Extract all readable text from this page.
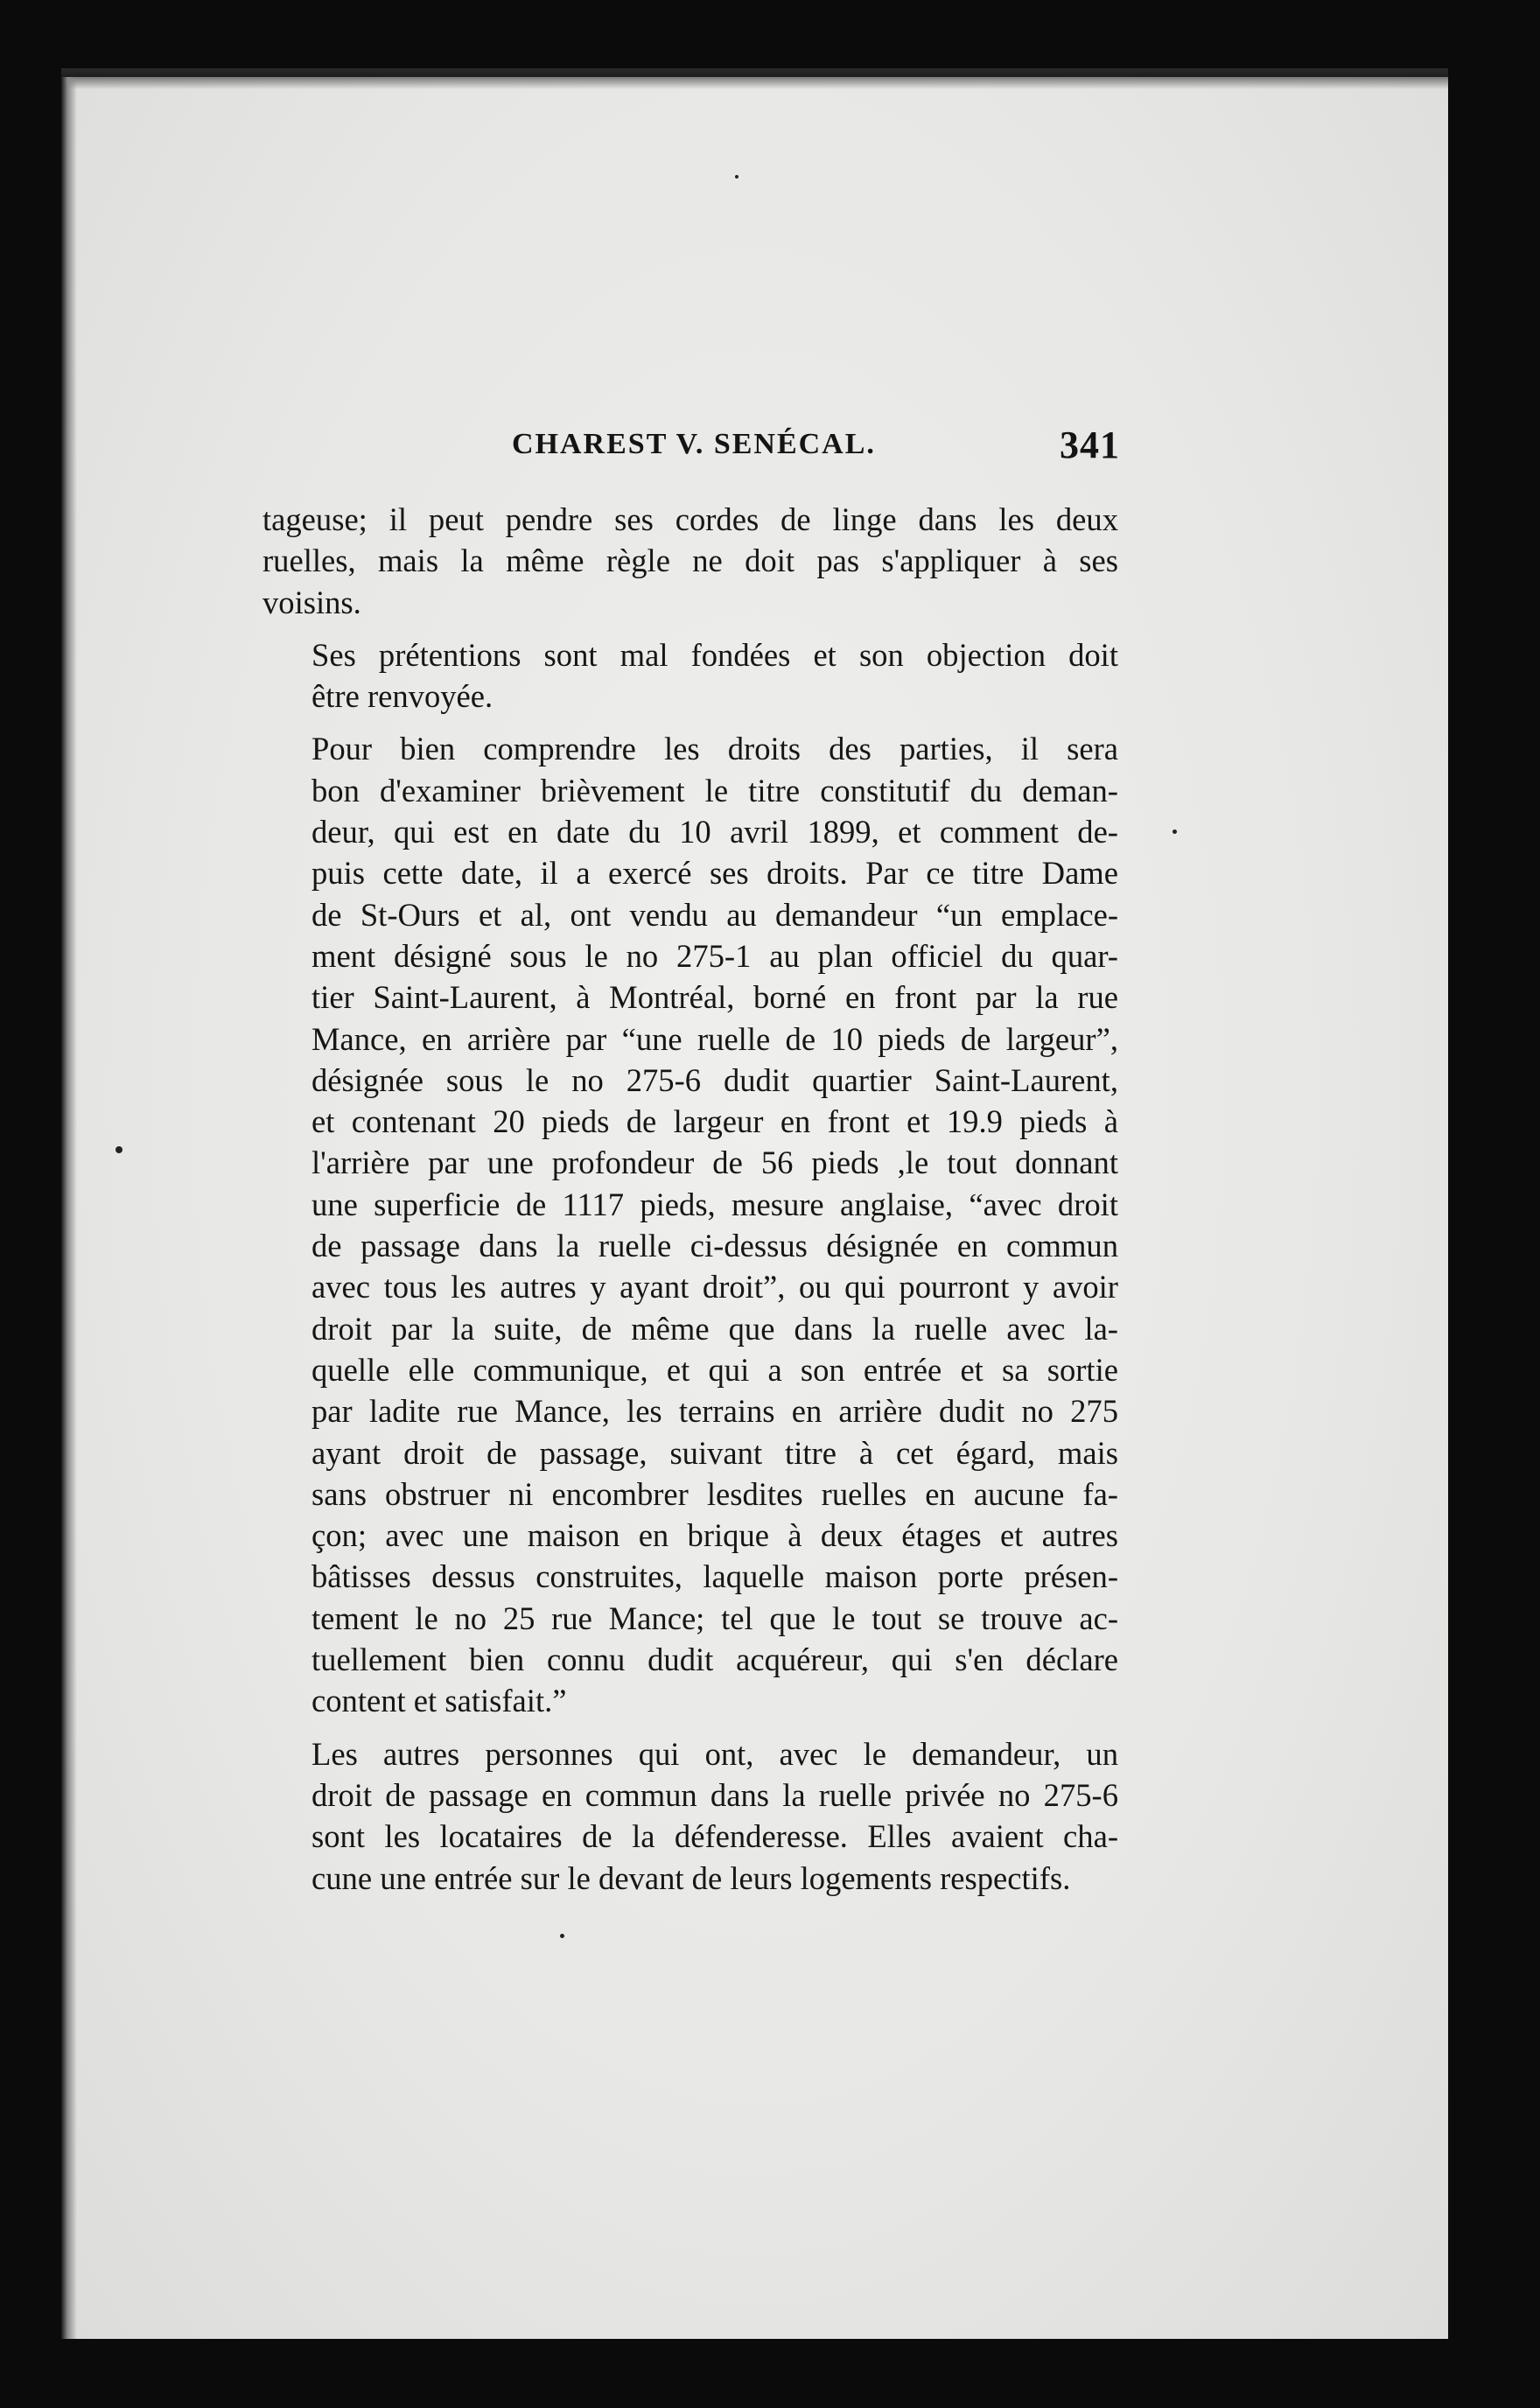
CHAREST V. SENÉCAL.	341
tageuse; il peut pendre ses cordes de linge dans les deux
ruelles, mais la même règle ne doit pas s'appliquer à ses
voisins.
Ses prétentions sont mal fondées et son objection doit
être renvoyée.
Pour bien comprendre les droits des parties, il sera
bon d'examiner brièvement le titre constitutif du deman-
deur, qui est en date du 10 avril 1899, et comment de-
puis cette date, il a exercé ses droits. Par ce titre Dame
de St-Ours et al, ont vendu au demandeur “un emplace-
ment désigné sous le no 275-1 au plan officiel du quar-
tier Saint-Laurent, à Montréal, borné en front par la rue
Mance, en arrière par “une ruelle de 10 pieds de largeur”,
désignée sous le no 275-6 dudit quartier Saint-Laurent,
et contenant 20 pieds de largeur en front et 19.9 pieds à
l'arrière par une profondeur de 56 pieds ,le tout donnant
une superficie de 1117 pieds, mesure anglaise, “avec droit
de passage dans la ruelle ci-dessus désignée en commun
avec tous les autres y ayant droit”, ou qui pourront y avoir
droit par la suite, de même que dans la ruelle avec la-
quelle elle communique, et qui a son entrée et sa sortie
par ladite rue Mance, les terrains en arrière dudit no 275
ayant droit de passage, suivant titre à cet égard, mais
sans obstruer ni encombrer lesdites ruelles en aucune fa-
çon; avec une maison en brique à deux étages et autres
bâtisses dessus construites, laquelle maison porte présen-
tement le no 25 rue Mance; tel que le tout se trouve ac-
tuellement bien connu dudit acquéreur, qui s'en déclare
content et satisfait.”
Les autres personnes qui ont, avec le demandeur, un
droit de passage en commun dans la ruelle privée no 275-6
sont les locataires de la défenderesse. Elles avaient cha-
cune une entrée sur le devant de leurs logements respectifs.
